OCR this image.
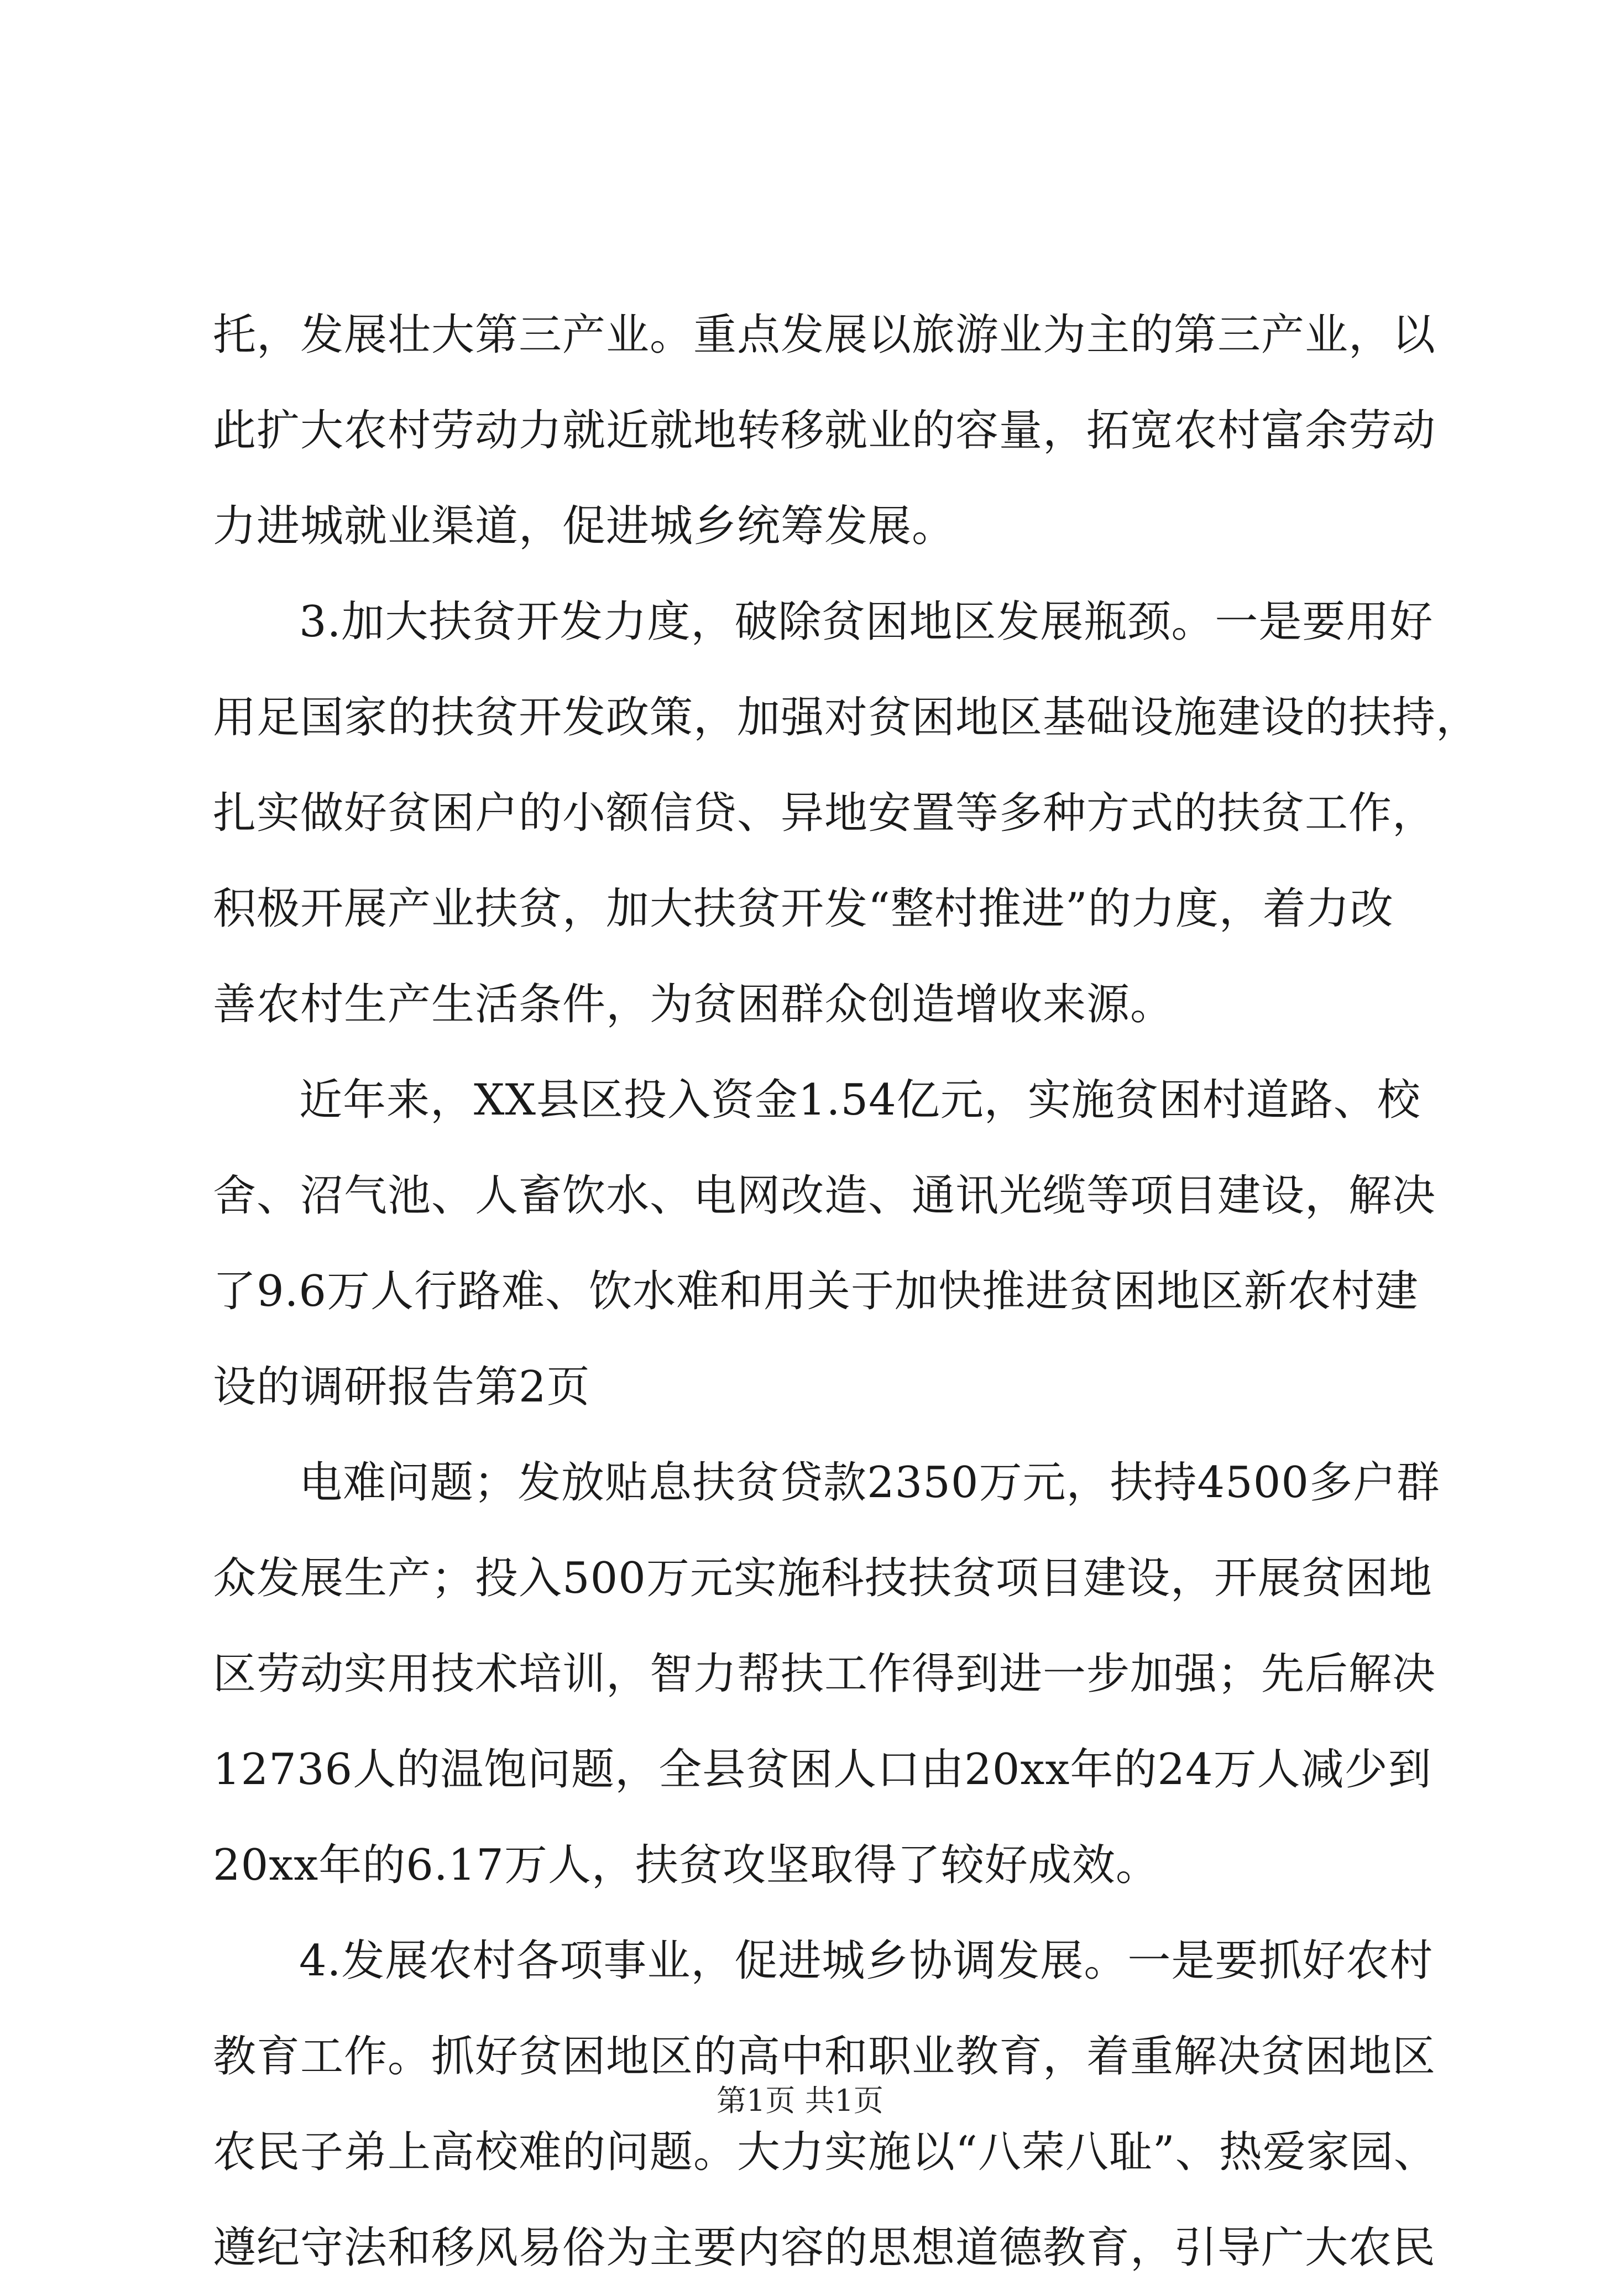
托，发展壮大第三产业。重点发展以旅游业为主的第三产业，以
此扩大农村劳动力就近就地转移就业的容量，拓宽农村富余劳动
力进城就业渠道，促进城乡统筹发展。
3.加大扶贫开发力度，破除贫困地区发展瓶颈。一是要用好
用足国家的扶贫开发政策，加强对贫困地区基础设施建设的扶持，
扎实做好贫困户的小额信贷、异地安置等多种方式的扶贫工作，
积极开展产业扶贫，加大扶贫开发“整村推进”的力度，着力改
善农村生产生活条件，为贫困群众创造增收来源。
近年来，XX县区投入资金1.54亿元，实施贫困村道路、校
舍、沼气池、人畜饮水、电网改造、通讯光缆等项目建设，解决
了9.6万人行路难、饮水难和用关于加快推进贫困地区新农村建
设的调研报告第2页
电难问题；发放贴息扶贫贷款2350万元，扶持4500多户群
众发展生产；投入500万元实施科技扶贫项目建设，开展贫困地
区劳动实用技术培训，智力帮扶工作得到进一步加强；先后解决
12736人的温饱问题，全县贫困人口由20xx年的24万人减少到
20xx年的6.17万人，扶贫攻坚取得了较好成效。
4.发展农村各项事业，促进城乡协调发展。一是要抓好农村
教育工作。抓好贫困地区的高中和职业教育，着重解决贫困地区
农民子弟上高校难的问题。大力实施以“八荣八耻”、热爱家园、
遵纪守法和移风易俗为主要内容的思想道德教育，引导广大农民
第1页 共1页
